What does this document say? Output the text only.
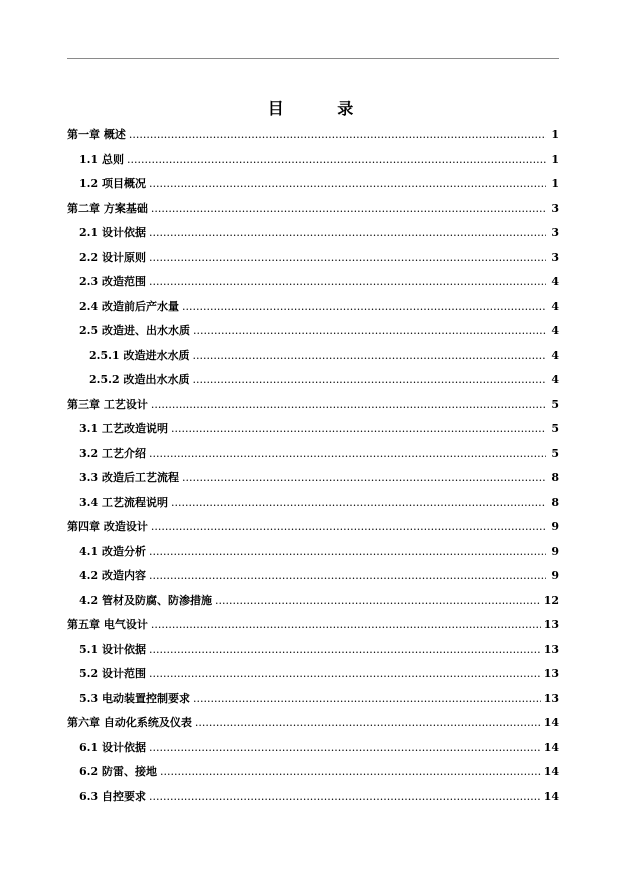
目 录
第一章 概述 .....	1
1.1 总则 .....	1
1.2 项目概况 .....	1
第二章 方案基础 .....	3
2.1 设计依据 .....	3
2.2 设计原则 .....	3
2.3 改造范围 .....	4
2.4 改造前后产水量 .....	4
2.5 改造进、出水水质 .....	4
2.5.1 改造进水水质 .....	4
2.5.2 改造出水水质 .....	4
第三章 工艺设计 .....	5
3.1 工艺改造说明 .....	5
3.2 工艺介绍 .....	5
3.3 改造后工艺流程 .....	8
3.4 工艺流程说明 .....	8
第四章 改造设计 .....	9
4.1 改造分析 .....	9
4.2 改造内容 .....	9
4.2 管材及防腐、防渗措施 .....	12
第五章 电气设计 .....	13
5.1 设计依据 .....	13
5.2 设计范围 .....	13
5.3 电动装置控制要求 .....	13
第六章 自动化系统及仪表 .....	14
6.1 设计依据 .....	14
6.2 防雷、接地 .....	14
6.3 自控要求 .....	14
